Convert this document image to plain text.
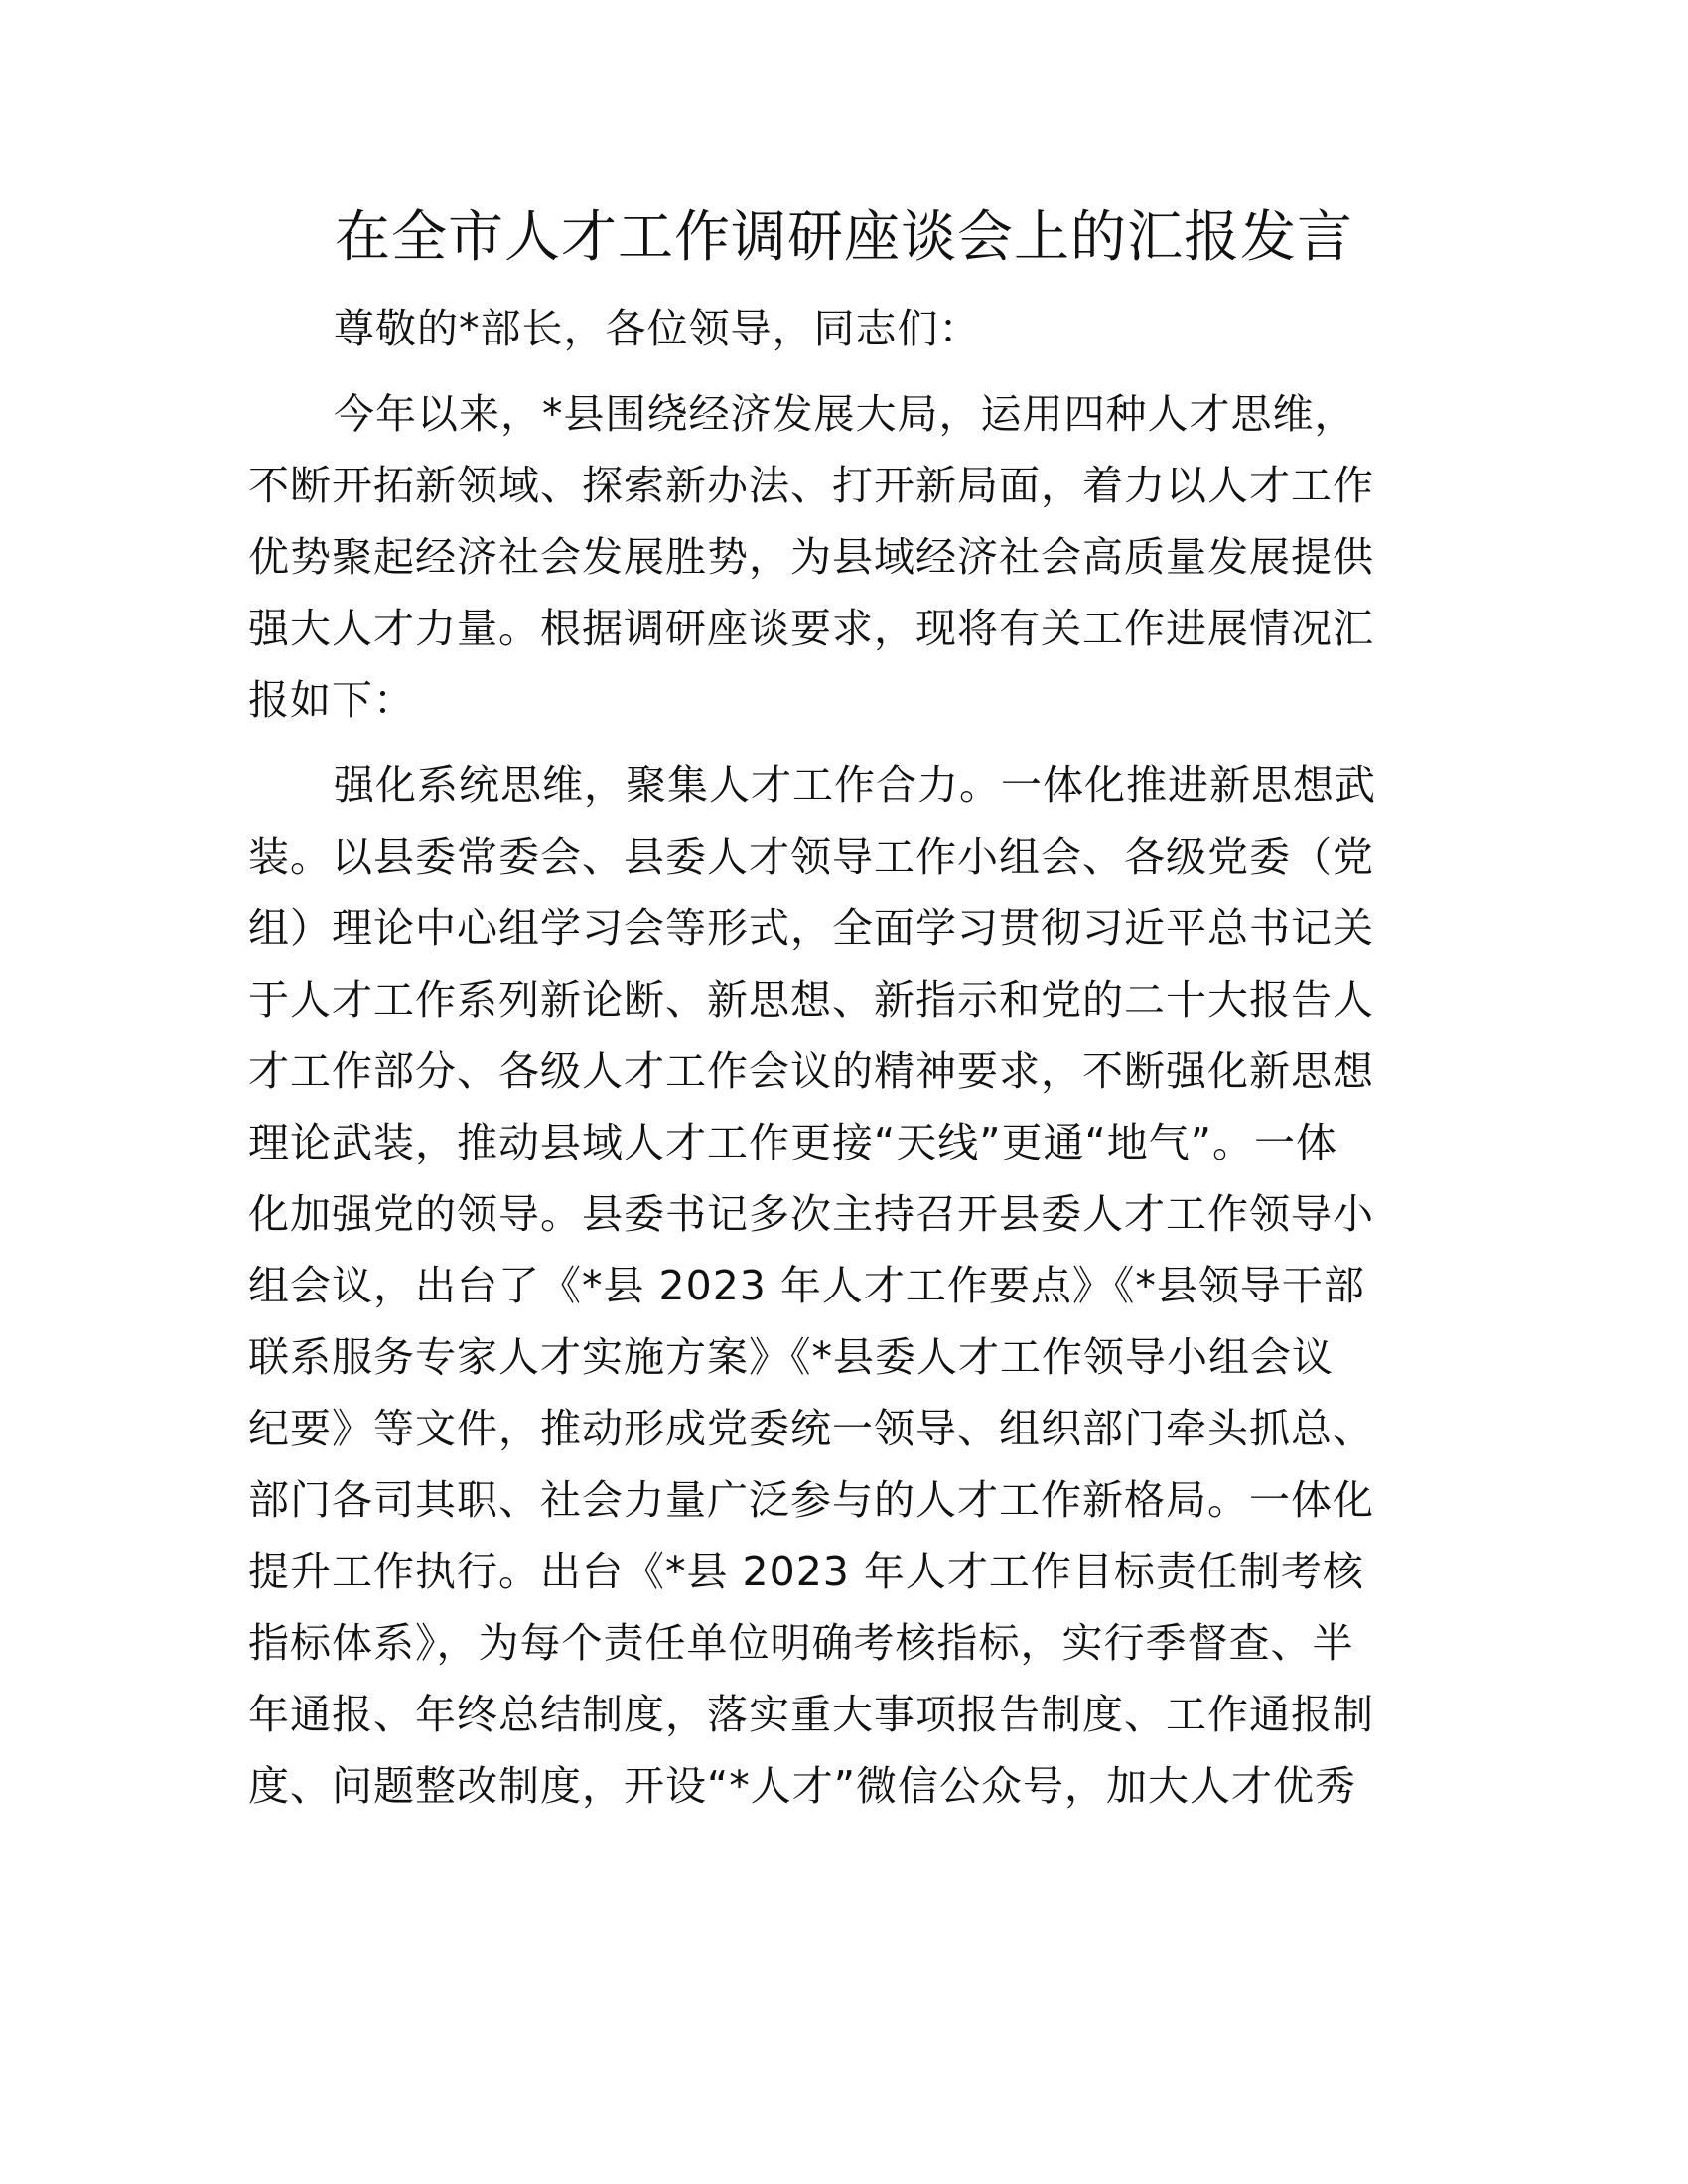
在全市人才工作调研座谈会上的汇报发言
尊敬的*部长，各位领导，同志们：
今年以来，*县围绕经济发展大局，运用四种人才思维，
不断开拓新领域、探索新办法、打开新局面，着力以人才工作
优势聚起经济社会发展胜势，为县域经济社会高质量发展提供
强大人才力量。根据调研座谈要求，现将有关工作进展情况汇
报如下：
强化系统思维，聚集人才工作合力。一体化推进新思想武
装。以县委常委会、县委人才领导工作小组会、各级党委（党
组）理论中心组学习会等形式，全面学习贯彻习近平总书记关
于人才工作系列新论断、新思想、新指示和党的二十大报告人
才工作部分、各级人才工作会议的精神要求，不断强化新思想
理论武装，推动县域人才工作更接“天线”更通“地气”。一体
化加强党的领导。县委书记多次主持召开县委人才工作领导小
组会议，出台了《*县 2023 年人才工作要点》《*县领导干部
联系服务专家人才实施方案》《*县委人才工作领导小组会议
纪要》等文件，推动形成党委统一领导、组织部门牵头抓总、
部门各司其职、社会力量广泛参与的人才工作新格局。一体化
提升工作执行。出台《*县 2023 年人才工作目标责任制考核
指标体系》，为每个责任单位明确考核指标，实行季督查、半
年通报、年终总结制度，落实重大事项报告制度、工作通报制
度、问题整改制度，开设“*人才”微信公众号，加大人才优秀
